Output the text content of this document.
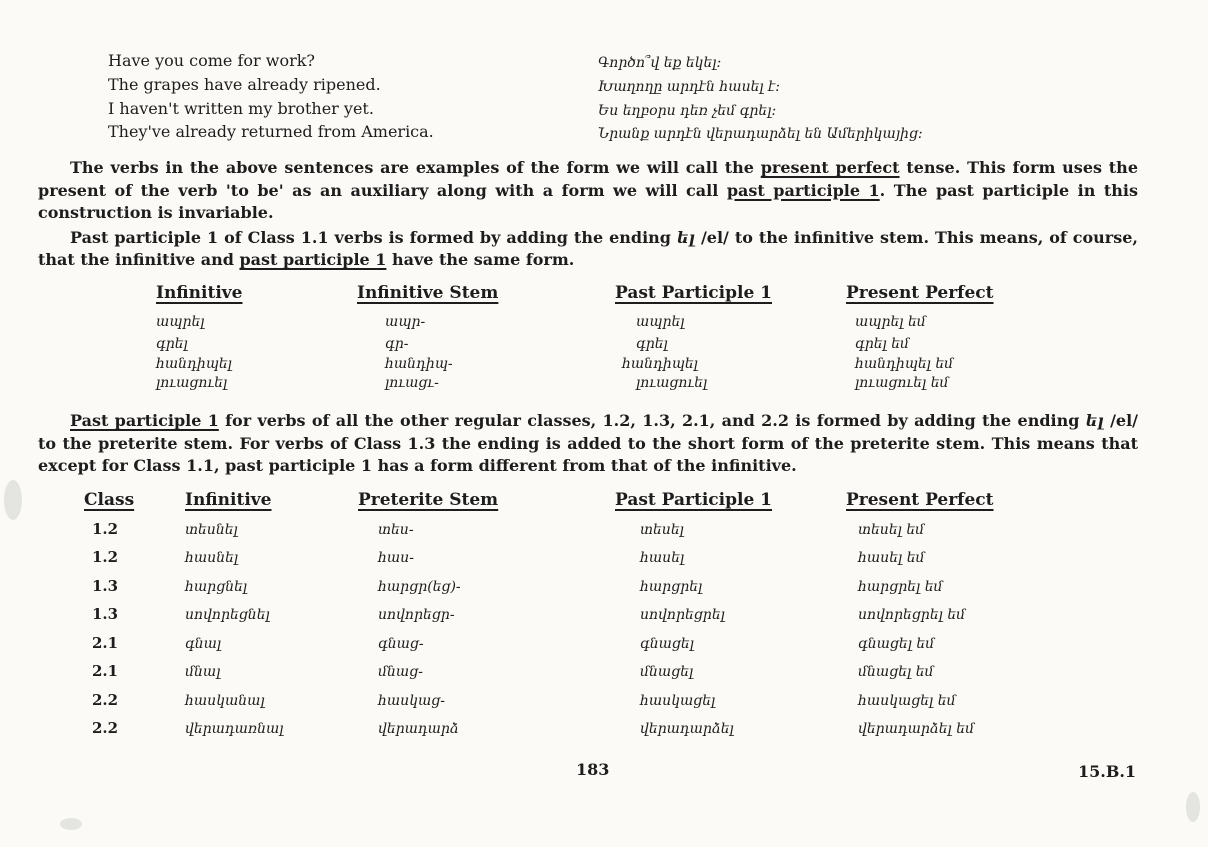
Have you come for work?	Գործո՞վ եք եկել։
The grapes have already ripened.	Խաղողը արդէն հասել է։
I haven't written my brother yet.	Ես եղբօրս դեռ չեմ գրել։
They've already returned from America.	Նրանք արդէն վերադարձել են Ամերիկայից։

The verbs in the above sentences are examples of the form we will call the present perfect tense. This form uses the present of the verb 'to be' as an auxiliary along with a form we will call past participle 1. The past participle in this construction is invariable.

Past participle 1 of Class 1.1 verbs is formed by adding the ending ել /el/ to the infinitive stem. This means, of course, that the infinitive and past participle 1 have the same form.

Infinitive	Infinitive Stem	Past Participle 1	Present Perfect
ապրել	ապր-	ապրել	ապրել եմ
գրել	գր-	գրել	գրել եմ
հանդիպել	հանդիպ-	հանդիպել	հանդիպել եմ
լուացուել	լուացւ-	լուացուել	լուացուել եմ

Past participle 1 for verbs of all the other regular classes, 1.2, 1.3, 2.1, and 2.2 is formed by adding the ending ել /el/ to the preterite stem. For verbs of Class 1.3 the ending is added to the short form of the preterite stem. This means that except for Class 1.1, past participle 1 has a form different from that of the infinitive.

Class	Infinitive	Preterite Stem	Past Participle 1	Present Perfect
1.2	տեսնել	տես-	տեսել	տեսել եմ
1.2	հասնել	հաս-	հասել	հասել եմ
1.3	հարցնել	հարցր(եց)-	հարցրել	հարցրել եմ
1.3	սովորեցնել	սովորեցր-	սովորեցրել	սովորեցրել եմ
2.1	գնալ	գնաց-	գնացել	գնացել եմ
2.1	մնալ	մնաց-	մնացել	մնացել եմ
2.2	հասկանալ	հասկաց-	հասկացել	հասկացել եմ
2.2	վերադառնալ	վերադարձ	վերադարձել	վերադարձել եմ
183	15.B.1
